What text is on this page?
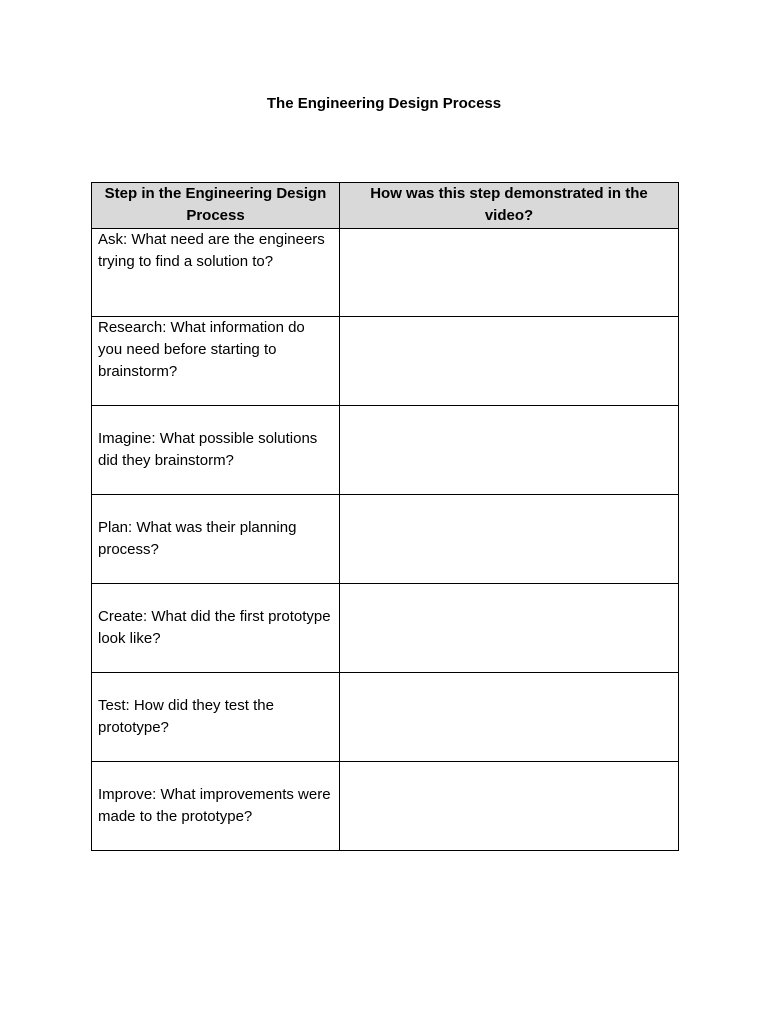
The Engineering Design Process
Step in the Engineering Design Process	How was this step demonstrated in the video?
Ask: What need are the engineers trying to find a solution to?	
Research: What information do you need before starting to brainstorm?	
Imagine: What possible solutions did they brainstorm?	
Plan: What was their planning process?	
Create: What did the first prototype look like?	
Test: How did they test the prototype?	
Improve: What improvements were made to the prototype?	
